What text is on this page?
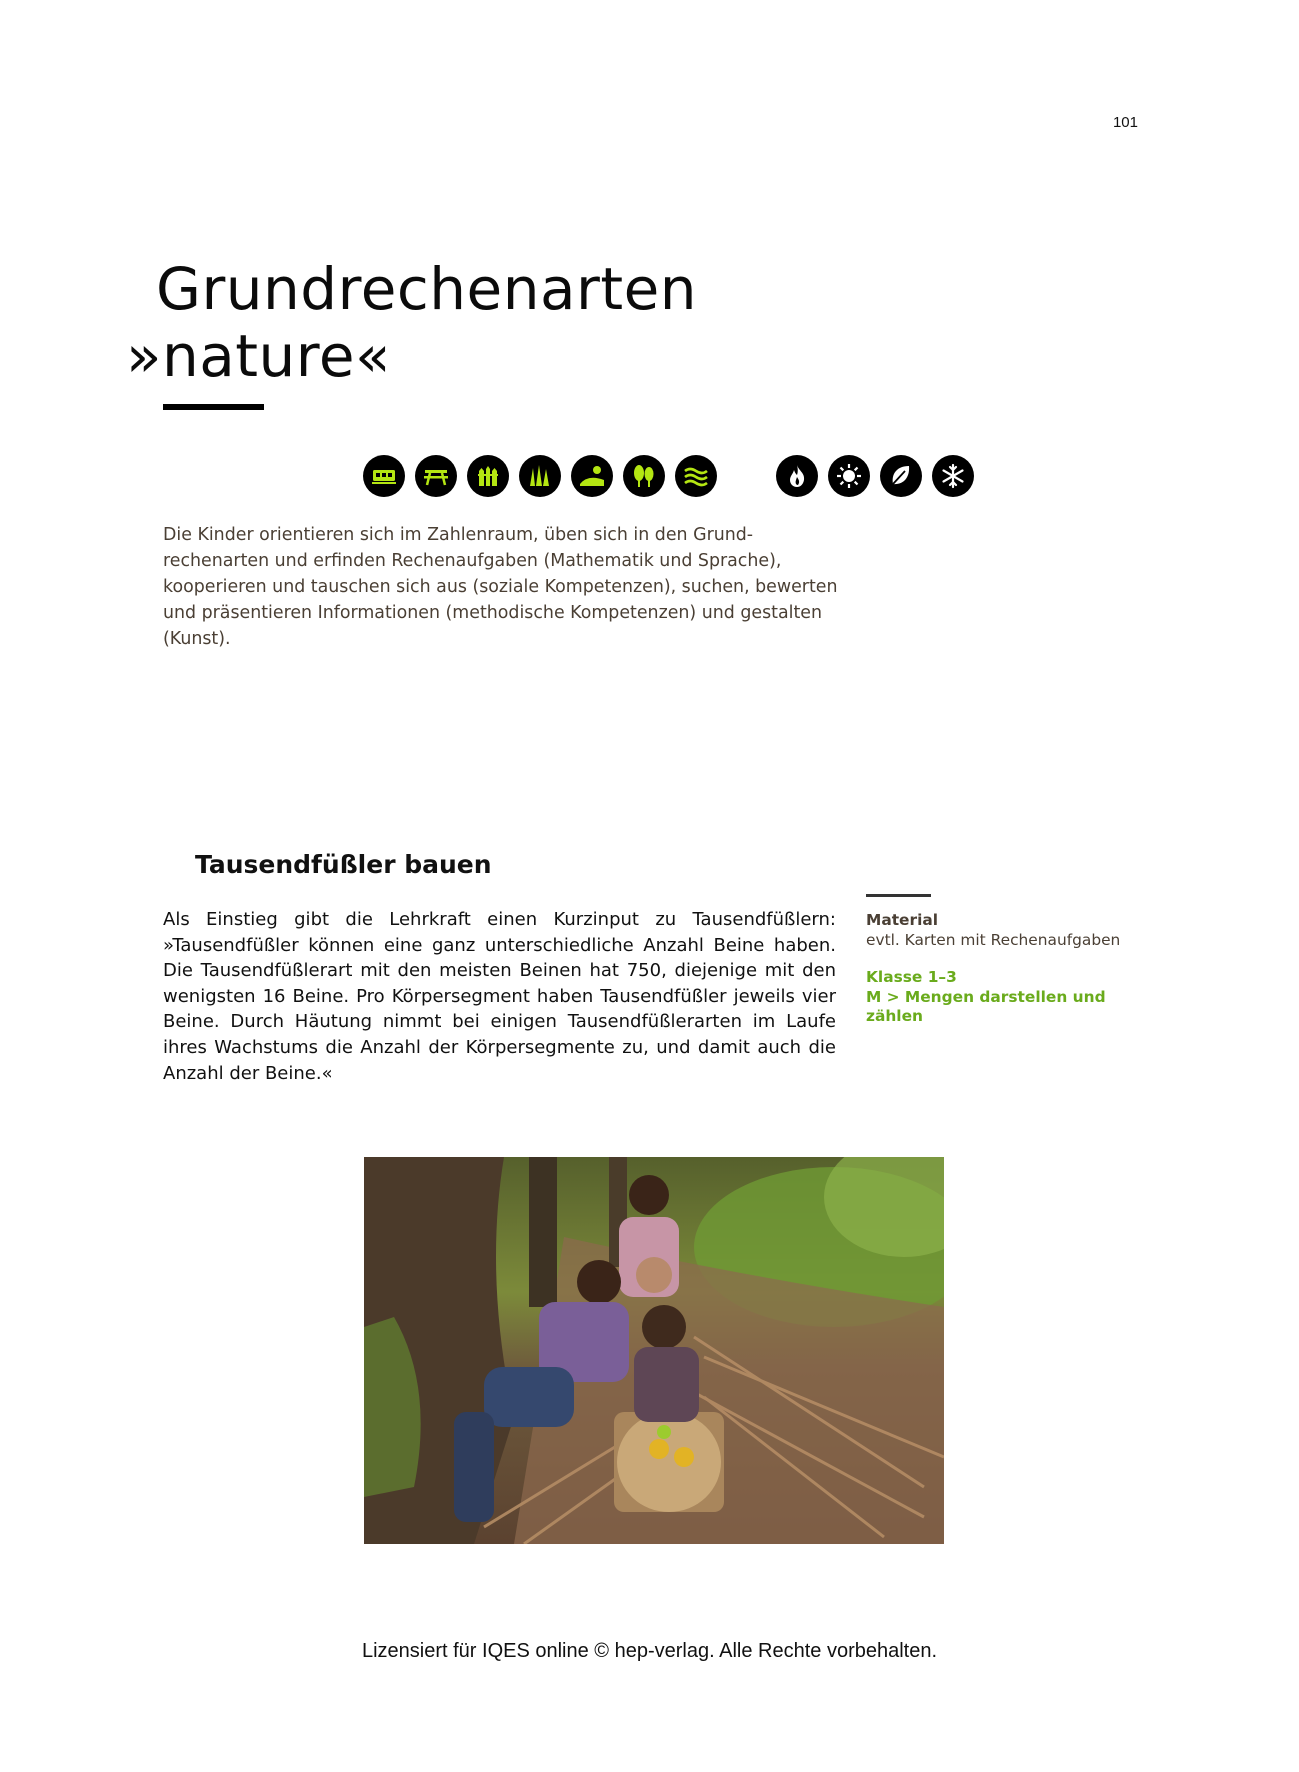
101
Grundrechenarten
»nature«
Die Kinder orientieren sich im Zahlenraum, üben sich in den Grund-rechenarten und erfinden Rechenaufgaben (Mathematik und Sprache), kooperieren und tauschen sich aus (soziale Kompetenzen), suchen, bewerten und präsentieren Informationen (methodische Kompetenzen) und gestalten (Kunst).
Tausendfüßler bauen
Material
evtl. Karten mit Rechenaufgaben
Klasse 1–3
M > Mengen darstellen und zählen
Als Einstieg gibt die Lehrkraft einen Kurzinput zu Tausendfüßlern: »Tausendfüßler können eine ganz unterschiedliche Anzahl Beine haben. Die Tausendfüßlerart mit den meisten Beinen hat 750, diejenige mit den wenigsten 16 Beine. Pro Körpersegment haben Tausendfüßler jeweils vier Beine. Durch Häutung nimmt bei einigen Tausendfüßlerarten im Laufe ihres Wachstums die Anzahl der Körpersegmente zu, und damit auch die Anzahl der Beine.«
Lizensiert für IQES online © hep-verlag. Alle Rechte vorbehalten.
